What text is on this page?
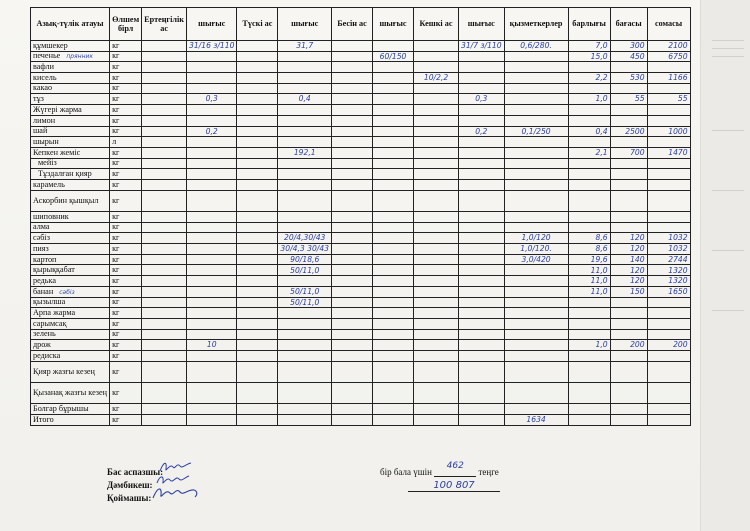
Азық-түлік атауы	Өлшем бірл	Ертеңгілік ас	шығыс	Түскі ас	шығыс	Бесін ас	шығыс	Кешкі ас	шығыс	қызметкерлер	барлығы	бағасы	сомасы
құмшекер	кг		31/16 з/110		31,7				31/7 з/110	0,6/280.	7,0	300	2100
печенье прянник	кг						60/150				15,0	450	6750
вафли	кг												
кисель	кг							10/2,2			2,2	530	1166
какао	кг												
тұз	кг		0,3		0,4				0,3		1,0	55	55
Жүгері жарма	кг												
лимон	кг												
шай	кг		0,2						0,2	0,1/250	0,4	2500	1000
шырын	л												
Кепкен жеміс	кг				192,1						2,1	700	1470
мейіз	кг												
Тұздалған қияр	кг												
карамель	кг												
Аскорбин қышқыл	кг												
шиповник	кг												
алма	кг												
сәбіз	кг				20/4,30/43					1,0/120	8,6	120	1032
пияз	кг				30/4,3 30/43					1,0/120.	8,6	120	1032
картоп	кг				90/18,6					3,0/420	19,6	140	2744
қырыққабат	кг				50/11,0						11,0	120	1320
редька	кг										11,0	120	1320
банан сәбіз	кг				50/11,0						11,0	150	1650
қызылша	кг				50/11,0								
Арпа жарма	кг												
сарымсақ	кг												
зелень	кг												
дрож	кг		10								1,0	200	200
редиска	кг												
Қияр жазғы кезең	кг												
Қызанақ жазғы кезең	кг												
Болгар бұрышы	кг												
Итого	кг									1634			
Бас аспазшы:
Дәмбикеш:
Қоймашы:
бір бала үшін
462
теңге
100 807
